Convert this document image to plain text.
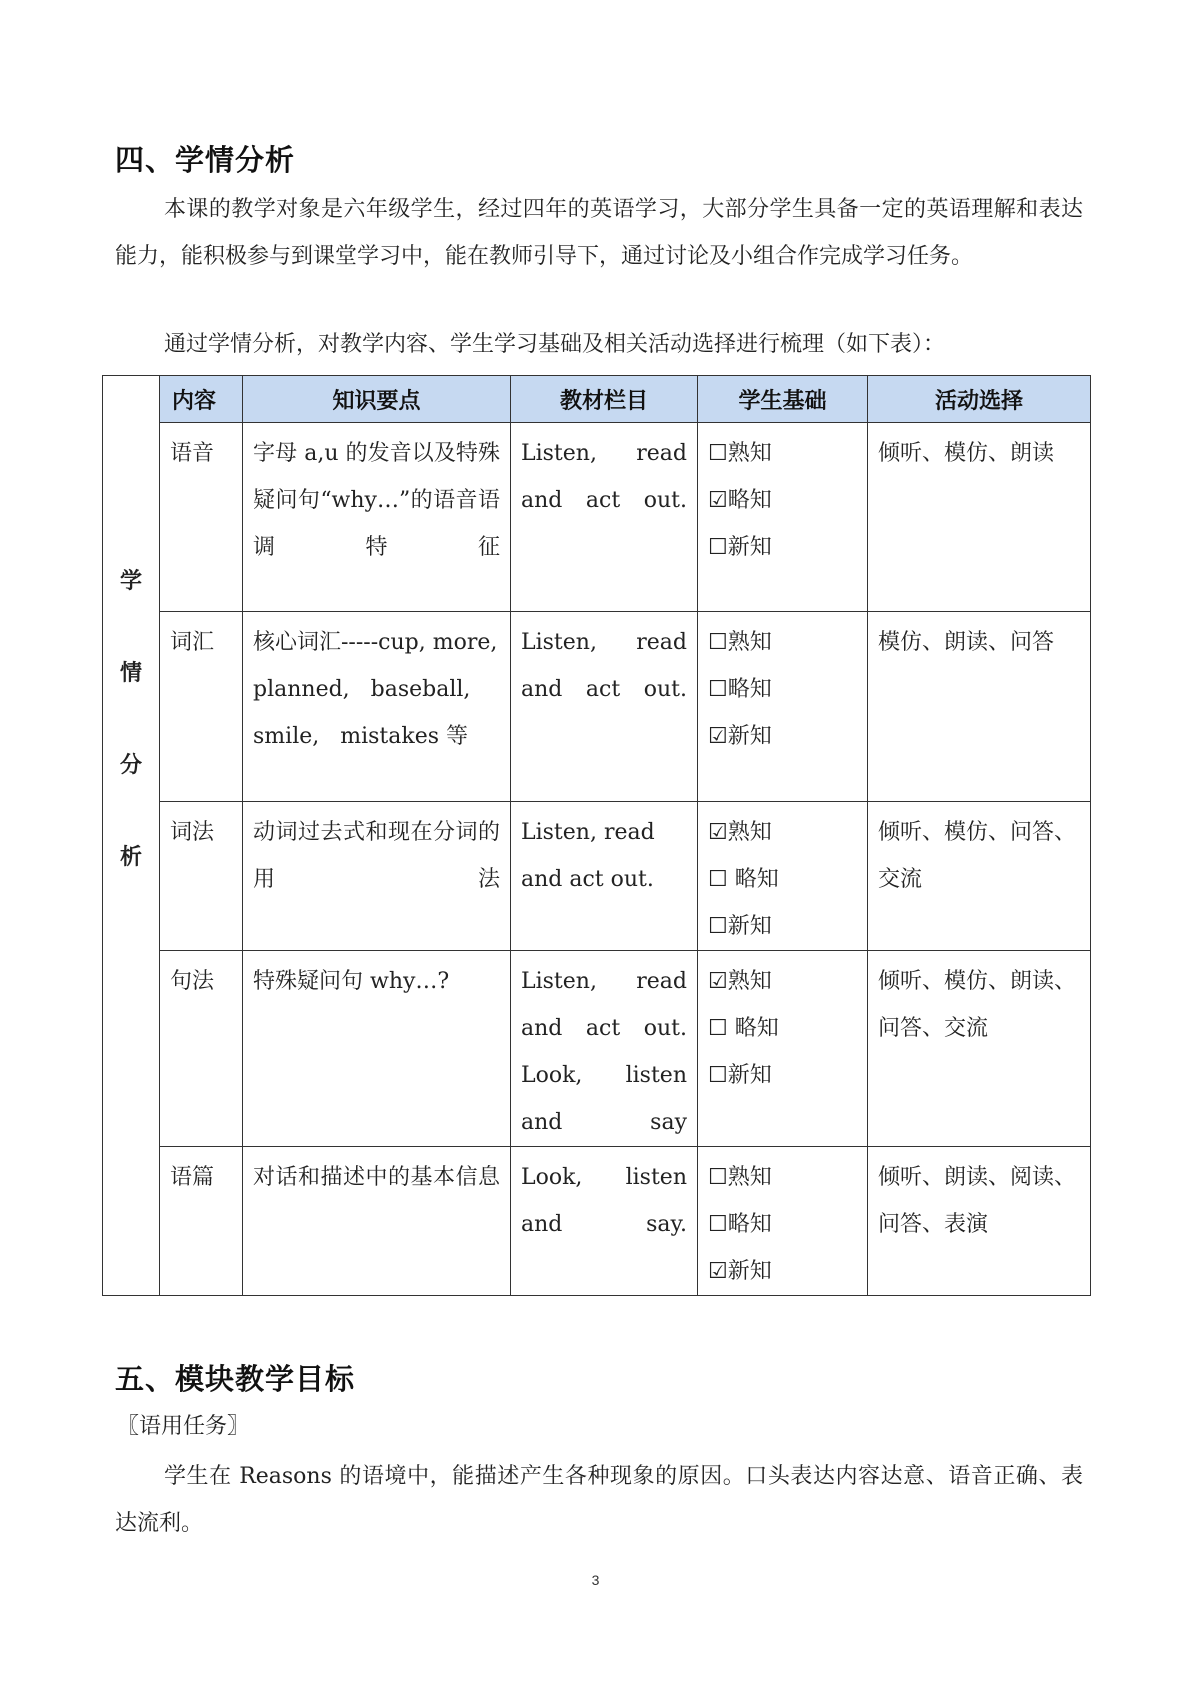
四、学情分析
本课的教学对象是六年级学生，经过四年的英语学习，大部分学生具备一定的英语理解和表达能力，能积极参与到课堂学习中，能在教师引导下，通过讨论及小组合作完成学习任务。
通过学情分析，对教学内容、学生学习基础及相关活动选择进行梳理（如下表）：
学
情
分
析	内容	知识要点	教材栏目	学生基础	活动选择

	语音	字母 a,u 的发音以及特殊疑问句“why…”的语音语调特征	Listen, read and act out.	☐熟知
☑略知
☐新知	倾听、模仿、朗读

	词汇	核心词汇-----cup, more, planned,   baseball, smile,   mistakes 等	Listen, read and act out.	☐熟知
☐略知
☑新知	模仿、朗读、问答

	词法	动词过去式和现在分词的用法	Listen, read and act out.	☑熟知
☐ 略知
☐新知	倾听、模仿、问答、交流

	句法	特殊疑问句 why…?	Listen, read and act out. Look, listen and say	☑熟知
☐ 略知
☐新知	倾听、模仿、朗读、问答、交流

	语篇	对话和描述中的基本信息	Look, listen and say.	☐熟知
☐略知
☑新知	倾听、朗读、阅读、问答、表演
五、模块教学目标
〖语用任务〗
学生在 Reasons 的语境中，能描述产生各种现象的原因。口头表达内容达意、语音正确、表达流利。
3
